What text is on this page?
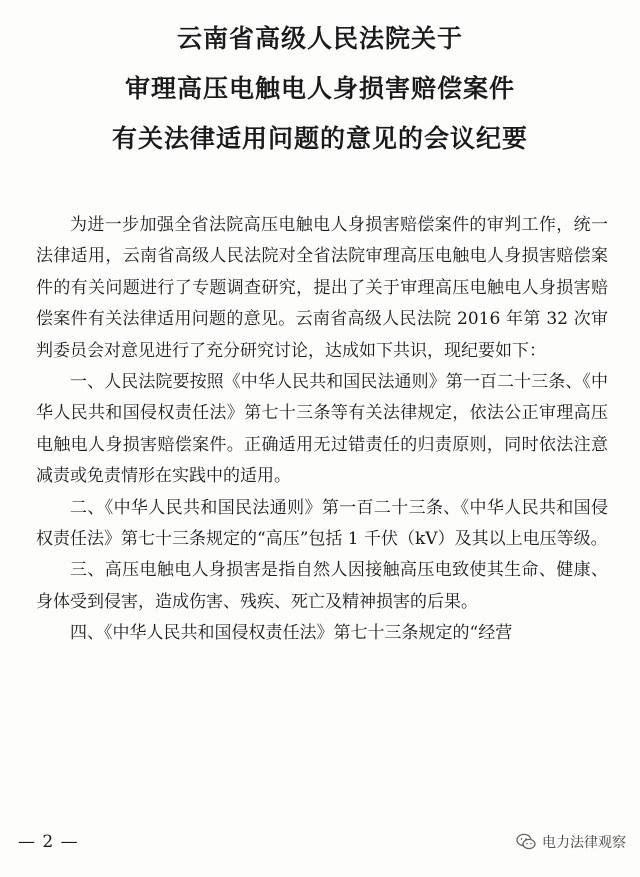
云南省高级人民法院关于
审理高压电触电人身损害赔偿案件
有关法律适用问题的意见的会议纪要

为进一步加强全省法院高压电触电人身损害赔偿案件的审判工作，统一法律适用，云南省高级人民法院对全省法院审理高压电触电人身损害赔偿案件的有关问题进行了专题调查研究，提出了关于审理高压电触电人身损害赔偿案件有关法律适用问题的意见。云南省高级人民法院 2016 年第 32 次审判委员会对意见进行了充分研究讨论，达成如下共识，现纪要如下：

一、人民法院要按照《中华人民共和国民法通则》第一百二十三条、《中华人民共和国侵权责任法》第七十三条等有关法律规定，依法公正审理高压电触电人身损害赔偿案件。正确适用无过错责任的归责原则，同时依法注意减责或免责情形在实践中的适用。

二、《中华人民共和国民法通则》第一百二十三条、《中华人民共和国侵权责任法》第七十三条规定的“高压”包括 1 千伏（kV）及其以上电压等级。

三、高压电触电人身损害是指自然人因接触高压电致使其生命、健康、身体受到侵害，造成伤害、残疾、死亡及精神损害的后果。

四、《中华人民共和国侵权责任法》第七十三条规定的“经营

— 2 —	电力法律观察
